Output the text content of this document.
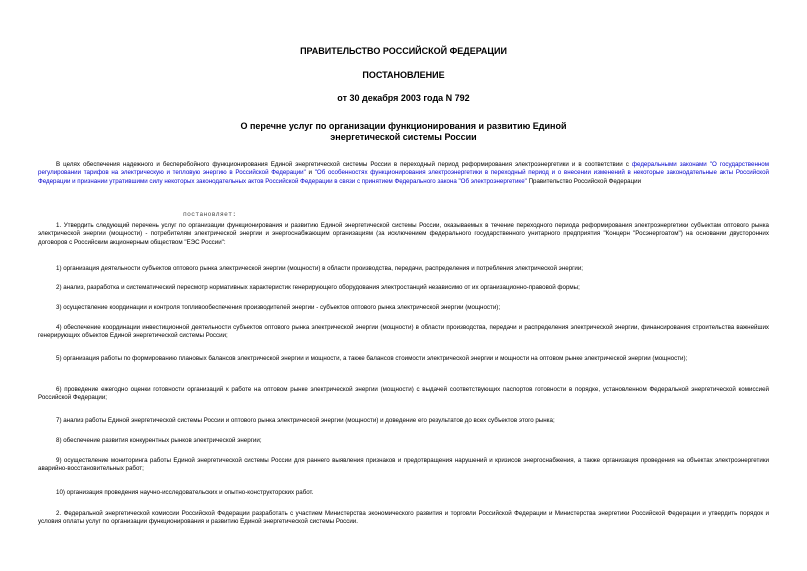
ПРАВИТЕЛЬСТВО РОССИЙСКОЙ ФЕДЕРАЦИИ
ПОСТАНОВЛЕНИЕ
от 30 декабря 2003 года N 792
О перечне услуг по организации функционирования и развитию Единой
энергетической системы России
В целях обеспечения надежного и бесперебойного функционирования Единой энергетической системы России в переходный период реформирования электроэнергетики и в соответствии с федеральными законами "О государственном регулировании тарифов на электрическую и тепловую энергию в Российской Федерации" и "Об особенностях функционирования электроэнергетики в переходный период и о внесении изменений в некоторые законодательные акты Российской Федерации и признании утратившими силу некоторых законодательных актов Российской Федерации в связи с принятием Федерального закона "Об электроэнергетике" Правительство Российской Федерации
постановляет:
1. Утвердить следующий перечень услуг по организации функционирования и развитию Единой энергетической системы России, оказываемых в течение переходного периода реформирования электроэнергетики субъектам оптового рынка электрической энергии (мощности) - потребителям электрической энергии и энергоснабжающим организациям (за исключением федерального государственного унитарного предприятия "Концерн "Росэнергоатом") на основании двусторонних договоров с Российским акционерным обществом "ЕЭС России":
1) организация деятельности субъектов оптового рынка электрической энергии (мощности) в области производства, передачи, распределения и потребления электрической энергии;
2) анализ, разработка и систематический пересмотр нормативных характеристик генерирующего оборудования электростанций независимо от их организационно-правовой формы;
3) осуществление координации и контроля топливообеспечения производителей энергии - субъектов оптового рынка электрической энергии (мощности);
4) обеспечение координации инвестиционной деятельности субъектов оптового рынка электрической энергии (мощности) в области производства, передачи и распределения электрической энергии, финансирования строительства важнейших генерирующих объектов Единой энергетической системы России;
5) организация работы по формированию плановых балансов электрической энергии и мощности, а также балансов стоимости электрической энергии и мощности на оптовом рынке электрической энергии (мощности);
6) проведение ежегодно оценки готовности организаций к работе на оптовом рынке электрической энергии (мощности) с выдачей соответствующих паспортов готовности в порядке, установленном Федеральной энергетической комиссией Российской Федерации;
7) анализ работы Единой энергетической системы России и оптового рынка электрической энергии (мощности) и доведение его результатов до всех субъектов этого рынка;
8) обеспечение развития конкурентных рынков электрической энергии;
9) осуществление мониторинга работы Единой энергетической системы России для раннего выявления признаков и предотвращения нарушений и кризисов энергоснабжения, а также организация проведения на объектах электроэнергетики аварийно-восстановительных работ;
10) организация проведения научно-исследовательских и опытно-конструкторских работ.
2. Федеральной энергетической комиссии Российской Федерации разработать с участием Министерства экономического развития и торговли Российской Федерации и Министерства энергетики Российской Федерации и утвердить порядок и условия оплаты услуг по организации функционирования и развитию Единой энергетической системы России.
